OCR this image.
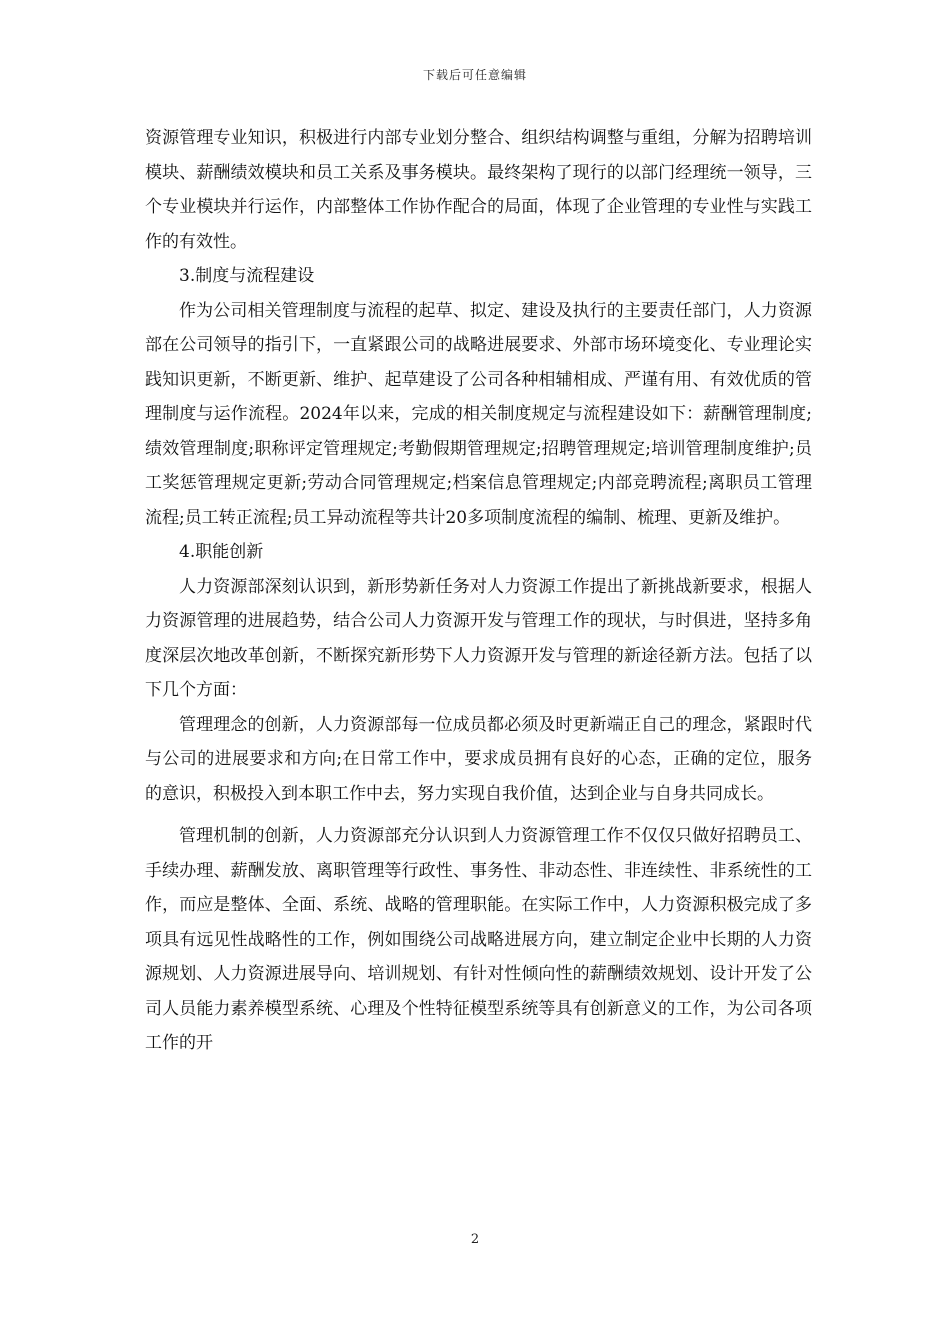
下载后可任意编辑

资源管理专业知识，积极进行内部专业划分整合、组织结构调整与重组，分解为招聘培训模块、薪酬绩效模块和员工关系及事务模块。最终架构了现行的以部门经理统一领导，三个专业模块并行运作，内部整体工作协作配合的局面，体现了企业管理的专业性与实践工作的有效性。

3.制度与流程建设

作为公司相关管理制度与流程的起草、拟定、建设及执行的主要责任部门，人力资源部在公司领导的指引下，一直紧跟公司的战略进展要求、外部市场环境变化、专业理论实践知识更新，不断更新、维护、起草建设了公司各种相辅相成、严谨有用、有效优质的管理制度与运作流程。2024年以来，完成的相关制度规定与流程建设如下：薪酬管理制度;绩效管理制度;职称评定管理规定;考勤假期管理规定;招聘管理规定;培训管理制度维护;员工奖惩管理规定更新;劳动合同管理规定;档案信息管理规定;内部竞聘流程;离职员工管理流程;员工转正流程;员工异动流程等共计20多项制度流程的编制、梳理、更新及维护。

4.职能创新

人力资源部深刻认识到，新形势新任务对人力资源工作提出了新挑战新要求，根据人力资源管理的进展趋势，结合公司人力资源开发与管理工作的现状，与时俱进，坚持多角度深层次地改革创新，不断探究新形势下人力资源开发与管理的新途径新方法。包括了以下几个方面：

管理理念的创新，人力资源部每一位成员都必须及时更新端正自己的理念，紧跟时代与公司的进展要求和方向;在日常工作中，要求成员拥有良好的心态，正确的定位，服务的意识，积极投入到本职工作中去，努力实现自我价值，达到企业与自身共同成长。

管理机制的创新，人力资源部充分认识到人力资源管理工作不仅仅只做好招聘员工、手续办理、薪酬发放、离职管理等行政性、事务性、非动态性、非连续性、非系统性的工作，而应是整体、全面、系统、战略的管理职能。在实际工作中，人力资源积极完成了多项具有远见性战略性的工作，例如围绕公司战略进展方向，建立制定企业中长期的人力资源规划、人力资源进展导向、培训规划、有针对性倾向性的薪酬绩效规划、设计开发了公司人员能力素养模型系统、心理及个性特征模型系统等具有创新意义的工作，为公司各项工作的开

2
